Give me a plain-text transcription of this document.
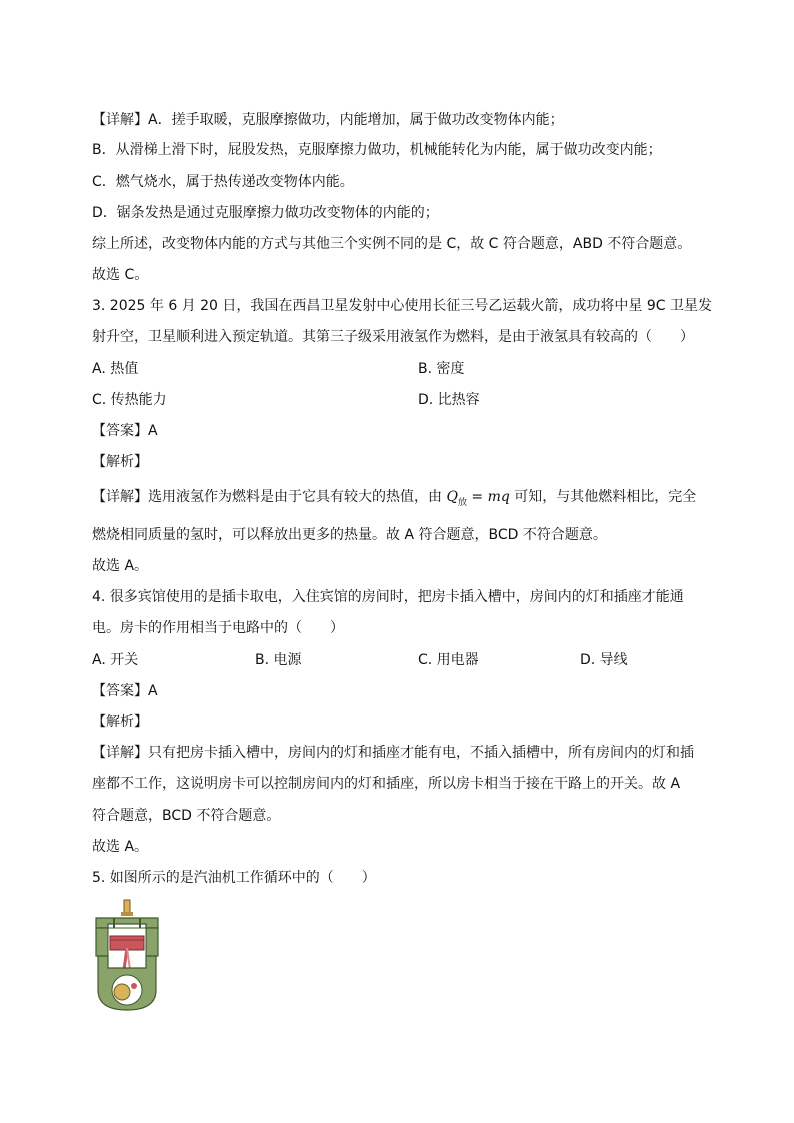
【详解】A．搓手取暖，克服摩擦做功，内能增加，属于做功改变物体内能；
B．从滑梯上滑下时，屁股发热，克服摩擦力做功，机械能转化为内能，属于做功改变内能；
C．燃气烧水，属于热传递改变物体内能。
D．锯条发热是通过克服摩擦力做功改变物体的内能的；
综上所述，改变物体内能的方式与其他三个实例不同的是 C，故 C 符合题意，ABD 不符合题意。
故选 C。
3. 2025 年 6 月 20 日，我国在西昌卫星发射中心使用长征三号乙运载火箭，成功将中星 9C 卫星发
射升空，卫星顺利进入预定轨道。其第三子级采用液氢作为燃料，是由于液氢具有较高的（　　）
A. 热值	B. 密度
C. 传热能力	D. 比热容
【答案】A
【解析】
【详解】选用液氢作为燃料是由于它具有较大的热值，由 $Q_放$ = mq 可知，与其他燃料相比，完全
燃烧相同质量的氢时，可以释放出更多的热量。故 A 符合题意，BCD 不符合题意。
故选 A。
4. 很多宾馆使用的是插卡取电，入住宾馆的房间时，把房卡插入槽中，房间内的灯和插座才能通
电。房卡的作用相当于电路中的（　　）
A. 开关	B. 电源	C. 用电器	D. 导线
【答案】A
【解析】
【详解】只有把房卡插入槽中，房间内的灯和插座才能有电，不插入插槽中，所有房间内的灯和插
座都不工作，这说明房卡可以控制房间内的灯和插座，所以房卡相当于接在干路上的开关。故 A
符合题意，BCD 不符合题意。
故选 A。
5. 如图所示的是汽油机工作循环中的（　　）
